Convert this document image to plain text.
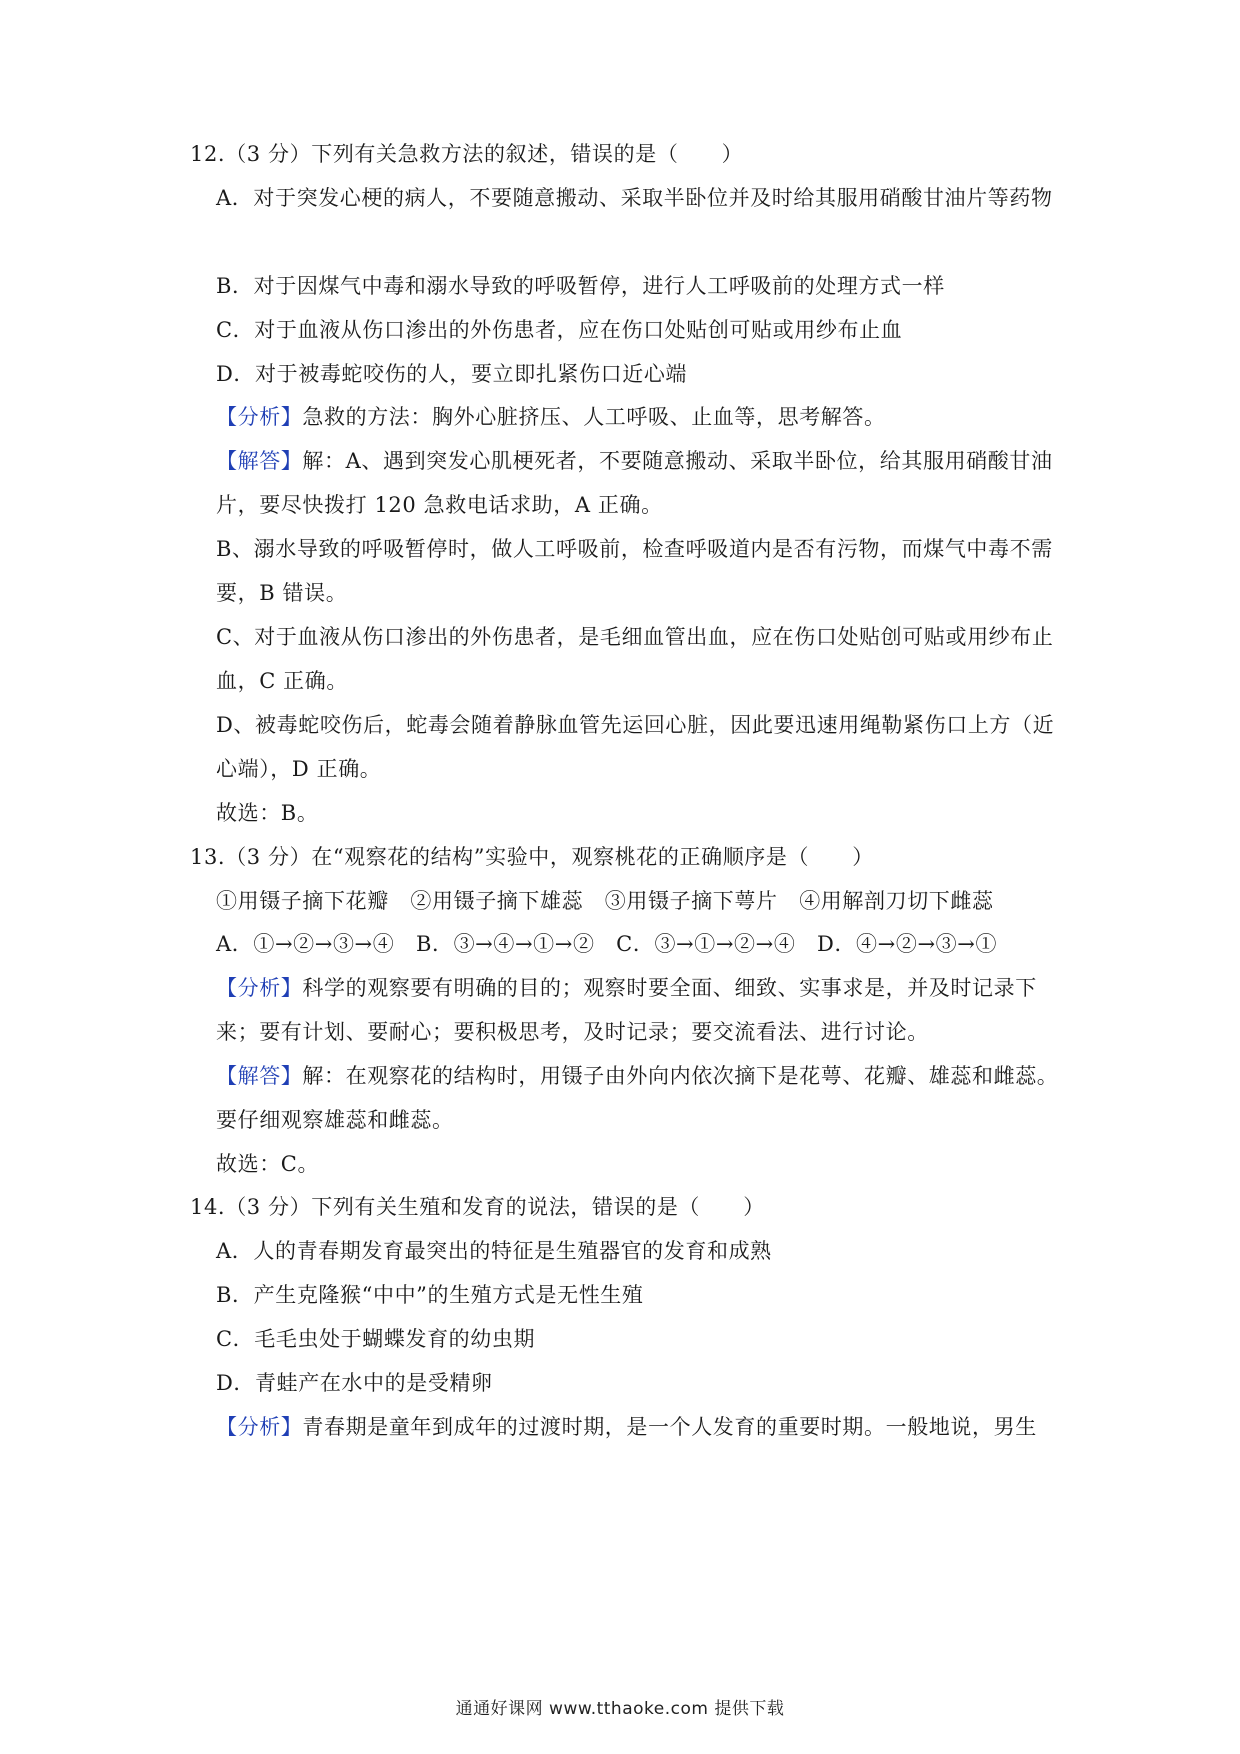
12.（3 分）下列有关急救方法的叙述，错误的是（　　）
A．对于突发心梗的病人，不要随意搬动、采取半卧位并及时给其服用硝酸甘油片等药物
B．对于因煤气中毒和溺水导致的呼吸暂停，进行人工呼吸前的处理方式一样
C．对于血液从伤口渗出的外伤患者，应在伤口处贴创可贴或用纱布止血
D．对于被毒蛇咬伤的人，要立即扎紧伤口近心端
【分析】急救的方法：胸外心脏挤压、人工呼吸、止血等，思考解答。
【解答】解：A、遇到突发心肌梗死者，不要随意搬动、采取半卧位，给其服用硝酸甘油
片，要尽快拨打 120 急救电话求助，A 正确。
B、溺水导致的呼吸暂停时，做人工呼吸前，检查呼吸道内是否有污物，而煤气中毒不需
要，B 错误。
C、对于血液从伤口渗出的外伤患者，是毛细血管出血，应在伤口处贴创可贴或用纱布止
血，C 正确。
D、被毒蛇咬伤后，蛇毒会随着静脉血管先运回心脏，因此要迅速用绳勒紧伤口上方（近
心端），D 正确。
故选：B。
13.（3 分）在“观察花的结构”实验中，观察桃花的正确顺序是（　　）
①用镊子摘下花瓣　②用镊子摘下雄蕊　③用镊子摘下萼片　④用解剖刀切下雌蕊
A．①→②→③→④　B．③→④→①→②　C．③→①→②→④　D．④→②→③→①
【分析】科学的观察要有明确的目的；观察时要全面、细致、实事求是，并及时记录下
来；要有计划、要耐心；要积极思考，及时记录；要交流看法、进行讨论。
【解答】解：在观察花的结构时，用镊子由外向内依次摘下是花萼、花瓣、雄蕊和雌蕊。
要仔细观察雄蕊和雌蕊。
故选：C。
14.（3 分）下列有关生殖和发育的说法，错误的是（　　）
A．人的青春期发育最突出的特征是生殖器官的发育和成熟
B．产生克隆猴“中中”的生殖方式是无性生殖
C．毛毛虫处于蝴蝶发育的幼虫期
D．青蛙产在水中的是受精卵
【分析】青春期是童年到成年的过渡时期，是一个人发育的重要时期。一般地说，男生
通通好课网 www.tthaoke.com 提供下载
